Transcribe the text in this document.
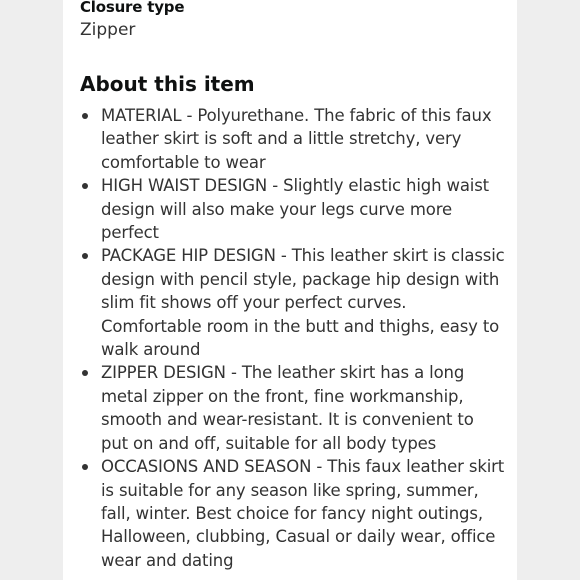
Closure type
Zipper
About this item
MATERIAL - Polyurethane. The fabric of this faux
leather skirt is soft and a little stretchy, very
comfortable to wear
HIGH WAIST DESIGN - Slightly elastic high waist
design will also make your legs curve more
perfect
PACKAGE HIP DESIGN - This leather skirt is classic
design with pencil style, package hip design with
slim fit shows off your perfect curves.
Comfortable room in the butt and thighs, easy to
walk around
ZIPPER DESIGN - The leather skirt has a long
metal zipper on the front, fine workmanship,
smooth and wear-resistant. It is convenient to
put on and off, suitable for all body types
OCCASIONS AND SEASON - This faux leather skirt
is suitable for any season like spring, summer,
fall, winter. Best choice for fancy night outings,
Halloween, clubbing, Casual or daily wear, office
wear and dating
